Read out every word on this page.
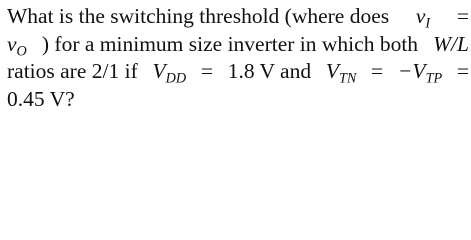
What is the switching threshold (where does $v_I$ =
$v_O$ ) for a minimum size inverter in which both W/L
ratios are 2/1 if $V_{DD} = 1.8$ V and $V_{TN} = -V_{TP}$ =
0.45 V?
